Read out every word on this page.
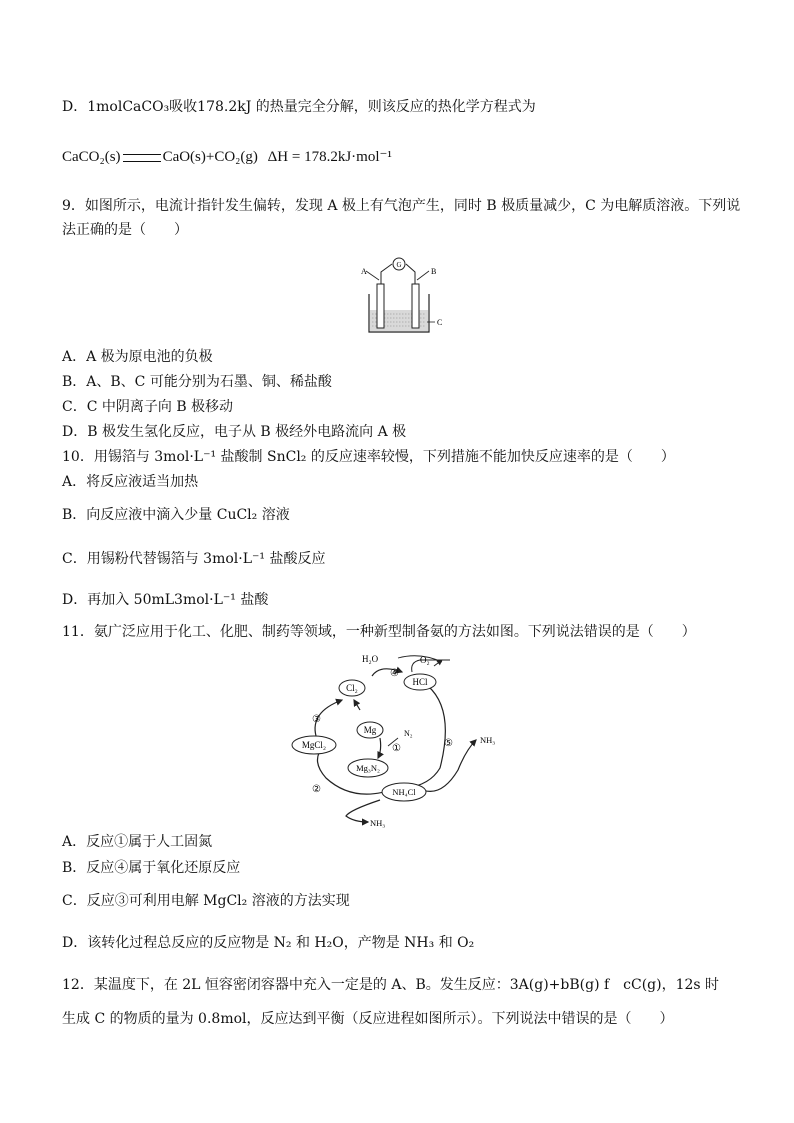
D．1molCaCO₃吸收178.2kJ 的热量完全分解，则该反应的热化学方程式为
CaCO₂(s)	CaO(s)+CO₂(g) ΔH = 178.2kJ·mol⁻¹
9．如图所示，电流计指针发生偏转，发现 A 极上有气泡产生，同时 B 极质量减少，C 为电解质溶液。下列说
法正确的是（　　）
G
A	B
C
A．A 极为原电池的负极
B．A、B、C 可能分别为石墨、铜、稀盐酸
C．C 中阴离子向 B 极移动
D．B 极发生氢化反应，电子从 B 极经外电路流向 A 极
10．用锡箔与 3mol·L⁻¹ 盐酸制 SnCl₂ 的反应速率较慢，下列措施不能加快反应速率的是（　　）
A．将反应液适当加热
B．向反应液中滴入少量 CuCl₂ 溶液
C．用锡粉代替锡箔与 3mol·L⁻¹ 盐酸反应
D．再加入 50mL3mol·L⁻¹ 盐酸
11．氨广泛应用于化工、化肥、制药等领域，一种新型制备氨的方法如图。下列说法错误的是（　　）
Cl₂
HCl
Mg
MgCl₂
Mg₃N₂
NH₄Cl
H₂O	O₂
N₂
NH₃
NH₃
①
②
③
④
⑤
A．反应①属于人工固氮
B．反应④属于氧化还原反应
C．反应③可利用电解 MgCl₂ 溶液的方法实现
D．该转化过程总反应的反应物是 N₂ 和 H₂O，产物是 NH₃ 和 O₂
12．某温度下，在 2L 恒容密闭容器中充入一定是的 A、B。发生反应：3A(g)+bB(g) f　cC(g)，12s 时
生成 C 的物质的量为 0.8mol，反应达到平衡（反应进程如图所示）。下列说法中错误的是（　　）
